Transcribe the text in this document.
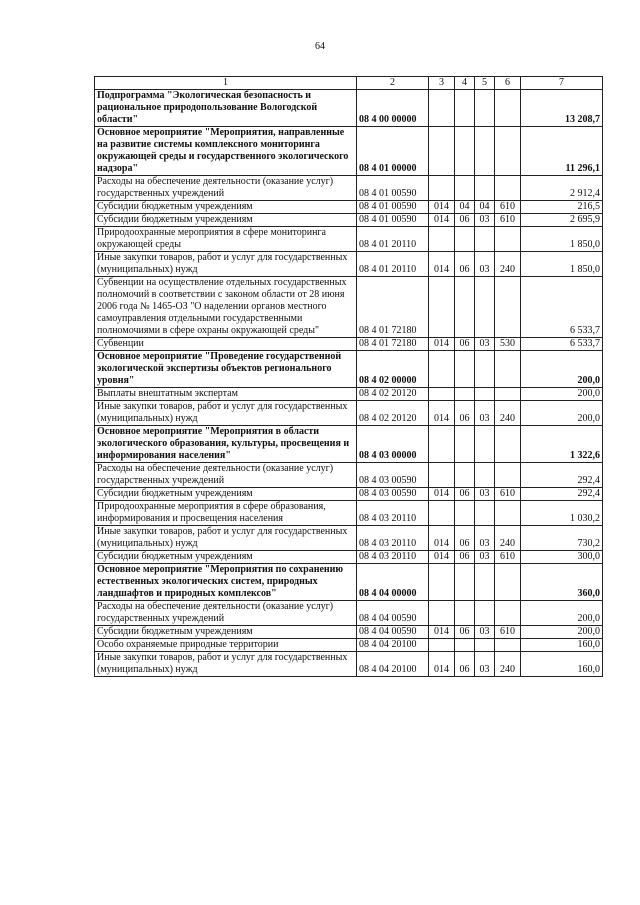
64
1	2	3	4	5	6	7
Подпрограмма "Экологическая безопасность и рациональное природопользование Вологодской области"	08 4 00 00000					13 208,7
Основное мероприятие "Мероприятия, направленные на развитие системы комплексного мониторинга окружающей среды и государственного экологического надзора"	08 4 01 00000					11 296,1
Расходы на обеспечение деятельности (оказание услуг) государственных учреждений	08 4 01 00590					2 912,4
Субсидии бюджетным учреждениям	08 4 01 00590	014	04	04	610	216,5
Субсидии бюджетным учреждениям	08 4 01 00590	014	06	03	610	2 695,9
Природоохранные мероприятия в сфере мониторинга окружающей среды	08 4 01 20110					1 850,0
Иные закупки товаров, работ и услуг для государственных (муниципальных) нужд	08 4 01 20110	014	06	03	240	1 850,0
Субвенции на осуществление отдельных государственных полномочий в соответствии с законом области от 28 июня 2006 года № 1465-ОЗ "О наделении органов местного самоуправления отдельными государственными полномочиями в сфере охраны окружающей среды"	08 4 01 72180					6 533,7
Субвенции	08 4 01 72180	014	06	03	530	6 533,7
Основное мероприятие "Проведение государственной экологической экспертизы объектов регионального уровня"	08 4 02 00000					200,0
Выплаты внештатным экспертам	08 4 02 20120					200,0
Иные закупки товаров, работ и услуг для государственных (муниципальных) нужд	08 4 02 20120	014	06	03	240	200,0
Основное мероприятие "Мероприятия в области экологического образования, культуры, просвещения и информирования населения"	08 4 03 00000					1 322,6
Расходы на обеспечение деятельности (оказание услуг) государственных учреждений	08 4 03 00590					292,4
Субсидии бюджетным учреждениям	08 4 03 00590	014	06	03	610	292,4
Природоохранные мероприятия в сфере образования, информирования и просвещения населения	08 4 03 20110					1 030,2
Иные закупки товаров, работ и услуг для государственных (муниципальных) нужд	08 4 03 20110	014	06	03	240	730,2
Субсидии бюджетным учреждениям	08 4 03 20110	014	06	03	610	300,0
Основное мероприятие "Мероприятия по сохранению естественных экологических систем, природных ландшафтов и природных комплексов"	08 4 04 00000					360,0
Расходы на обеспечение деятельности (оказание услуг) государственных учреждений	08 4 04 00590					200,0
Субсидии бюджетным учреждениям	08 4 04 00590	014	06	03	610	200,0
Особо охраняемые природные территории	08 4 04 20100					160,0
Иные закупки товаров, работ и услуг для государственных (муниципальных) нужд	08 4 04 20100	014	06	03	240	160,0
